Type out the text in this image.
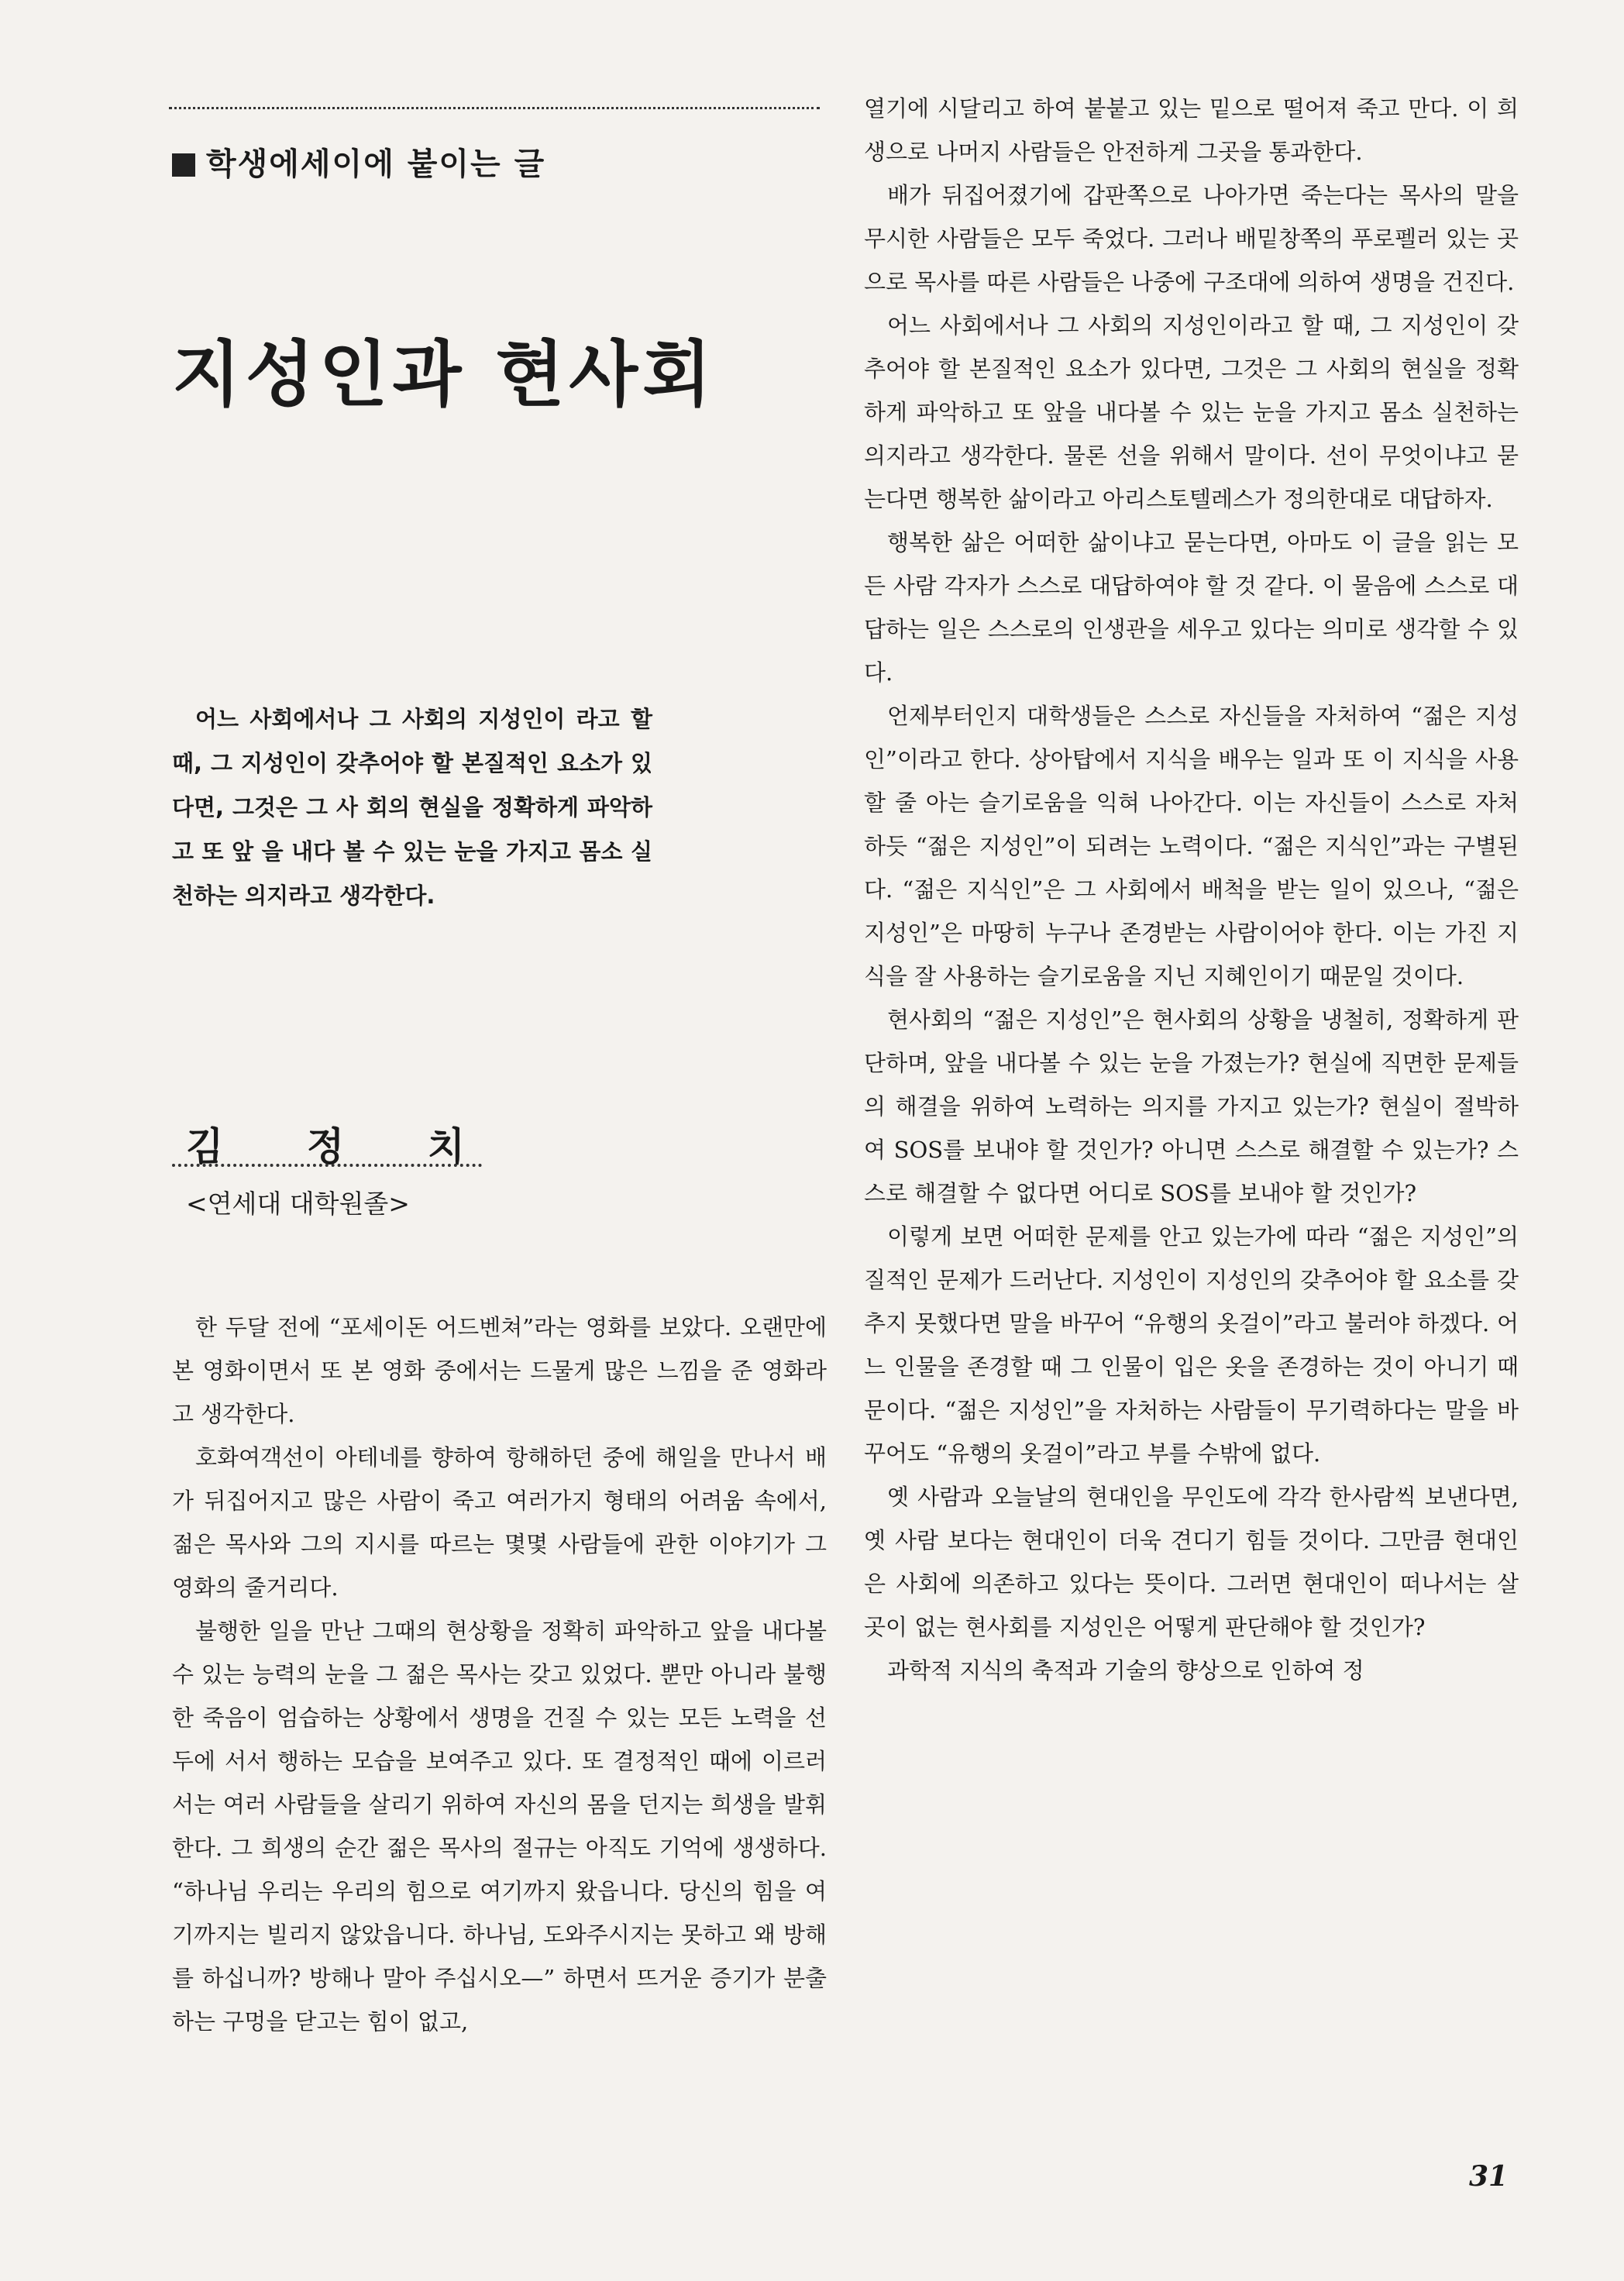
학생에세이에 붙이는 글
지성인과 현사회
어느 사회에서나 그 사회의 지성인이 라고 할 때, 그 지성인이 갖추어야 할 본질적인 요소가 있다면, 그것은 그 사 회의 현실을 정확하게 파악하고 또 앞 을 내다 볼 수 있는 눈을 가지고 몸소 실천하는 의지라고 생각한다.
김 정 치
<연세대 대학원졸>

한 두달 전에 “포세이돈 어드벤쳐”라는 영화를 보았다. 오랜만에 본 영화이면서 또 본 영화 중에서는 드물게 많은 느낌을 준 영화라고 생각한다.

호화여객선이 아테네를 향하여 항해하던 중에 해일을 만나서 배가 뒤집어지고 많은 사람이 죽고 여러가지 형태의 어려움 속에서, 젊은 목사와 그의 지시를 따르는 몇몇 사람들에 관한 이야기가 그 영화의 줄거리다.

불행한 일을 만난 그때의 현상황을 정확히 파악하고 앞을 내다볼 수 있는 능력의 눈을 그 젊은 목사는 갖고 있었다. 뿐만 아니라 불행한 죽음이 엄습하는 상황에서 생명을 건질 수 있는 모든 노력을 선두에 서서 행하는 모습을 보여주고 있다. 또 결정적인 때에 이르러서는 여러 사람들을 살리기 위하여 자신의 몸을 던지는 희생을 발휘한다. 그 희생의 순간 젊은 목사의 절규는 아직도 기억에 생생하다. “하나님 우리는 우리의 힘으로 여기까지 왔읍니다. 당신의 힘을 여기까지는 빌리지 않았읍니다. 하나님, 도와주시지는 못하고 왜 방해를 하십니까? 방해나 말아 주십시오—” 하면서 뜨거운 증기가 분출하는 구멍을 닫고는 힘이 없고,

열기에 시달리고 하여 붙붙고 있는 밑으로 떨어져 죽고 만다. 이 희생으로 나머지 사람들은 안전하게 그곳을 통과한다.

배가 뒤집어졌기에 갑판쪽으로 나아가면 죽는다는 목사의 말을 무시한 사람들은 모두 죽었다. 그러나 배밑창쪽의 푸로펠러 있는 곳으로 목사를 따른 사람들은 나중에 구조대에 의하여 생명을 건진다.

어느 사회에서나 그 사회의 지성인이라고 할 때, 그 지성인이 갖추어야 할 본질적인 요소가 있다면, 그것은 그 사회의 현실을 정확하게 파악하고 또 앞을 내다볼 수 있는 눈을 가지고 몸소 실천하는 의지라고 생각한다. 물론 선을 위해서 말이다. 선이 무엇이냐고 묻는다면 행복한 삶이라고 아리스토텔레스가 정의한대로 대답하자.

행복한 삶은 어떠한 삶이냐고 묻는다면, 아마도 이 글을 읽는 모든 사람 각자가 스스로 대답하여야 할 것 같다. 이 물음에 스스로 대답하는 일은 스스로의 인생관을 세우고 있다는 의미로 생각할 수 있다.

언제부터인지 대학생들은 스스로 자신들을 자처하여 “젊은 지성인”이라고 한다. 상아탑에서 지식을 배우는 일과 또 이 지식을 사용할 줄 아는 슬기로움을 익혀 나아간다. 이는 자신들이 스스로 자처하듯 “젊은 지성인”이 되려는 노력이다. “젊은 지식인”과는 구별된다. “젊은 지식인”은 그 사회에서 배척을 받는 일이 있으나, “젊은 지성인”은 마땅히 누구나 존경받는 사람이어야 한다. 이는 가진 지식을 잘 사용하는 슬기로움을 지닌 지혜인이기 때문일 것이다.

현사회의 “젊은 지성인”은 현사회의 상황을 냉철히, 정확하게 판단하며, 앞을 내다볼 수 있는 눈을 가졌는가? 현실에 직면한 문제들의 해결을 위하여 노력하는 의지를 가지고 있는가? 현실이 절박하여 SOS를 보내야 할 것인가? 아니면 스스로 해결할 수 있는가? 스스로 해결할 수 없다면 어디로 SOS를 보내야 할 것인가?

이렇게 보면 어떠한 문제를 안고 있는가에 따라 “젊은 지성인”의 질적인 문제가 드러난다. 지성인이 지성인의 갖추어야 할 요소를 갖추지 못했다면 말을 바꾸어 “유행의 옷걸이”라고 불러야 하겠다. 어느 인물을 존경할 때 그 인물이 입은 옷을 존경하는 것이 아니기 때문이다. “젊은 지성인”을 자처하는 사람들이 무기력하다는 말을 바꾸어도 “유행의 옷걸이”라고 부를 수밖에 없다.

옛 사람과 오늘날의 현대인을 무인도에 각각 한사람씩 보낸다면, 옛 사람 보다는 현대인이 더욱 견디기 힘들 것이다. 그만큼 현대인은 사회에 의존하고 있다는 뜻이다. 그러면 현대인이 떠나서는 살 곳이 없는 현사회를 지성인은 어떻게 판단해야 할 것인가?

과학적 지식의 축적과 기술의 향상으로 인하여 정

31
